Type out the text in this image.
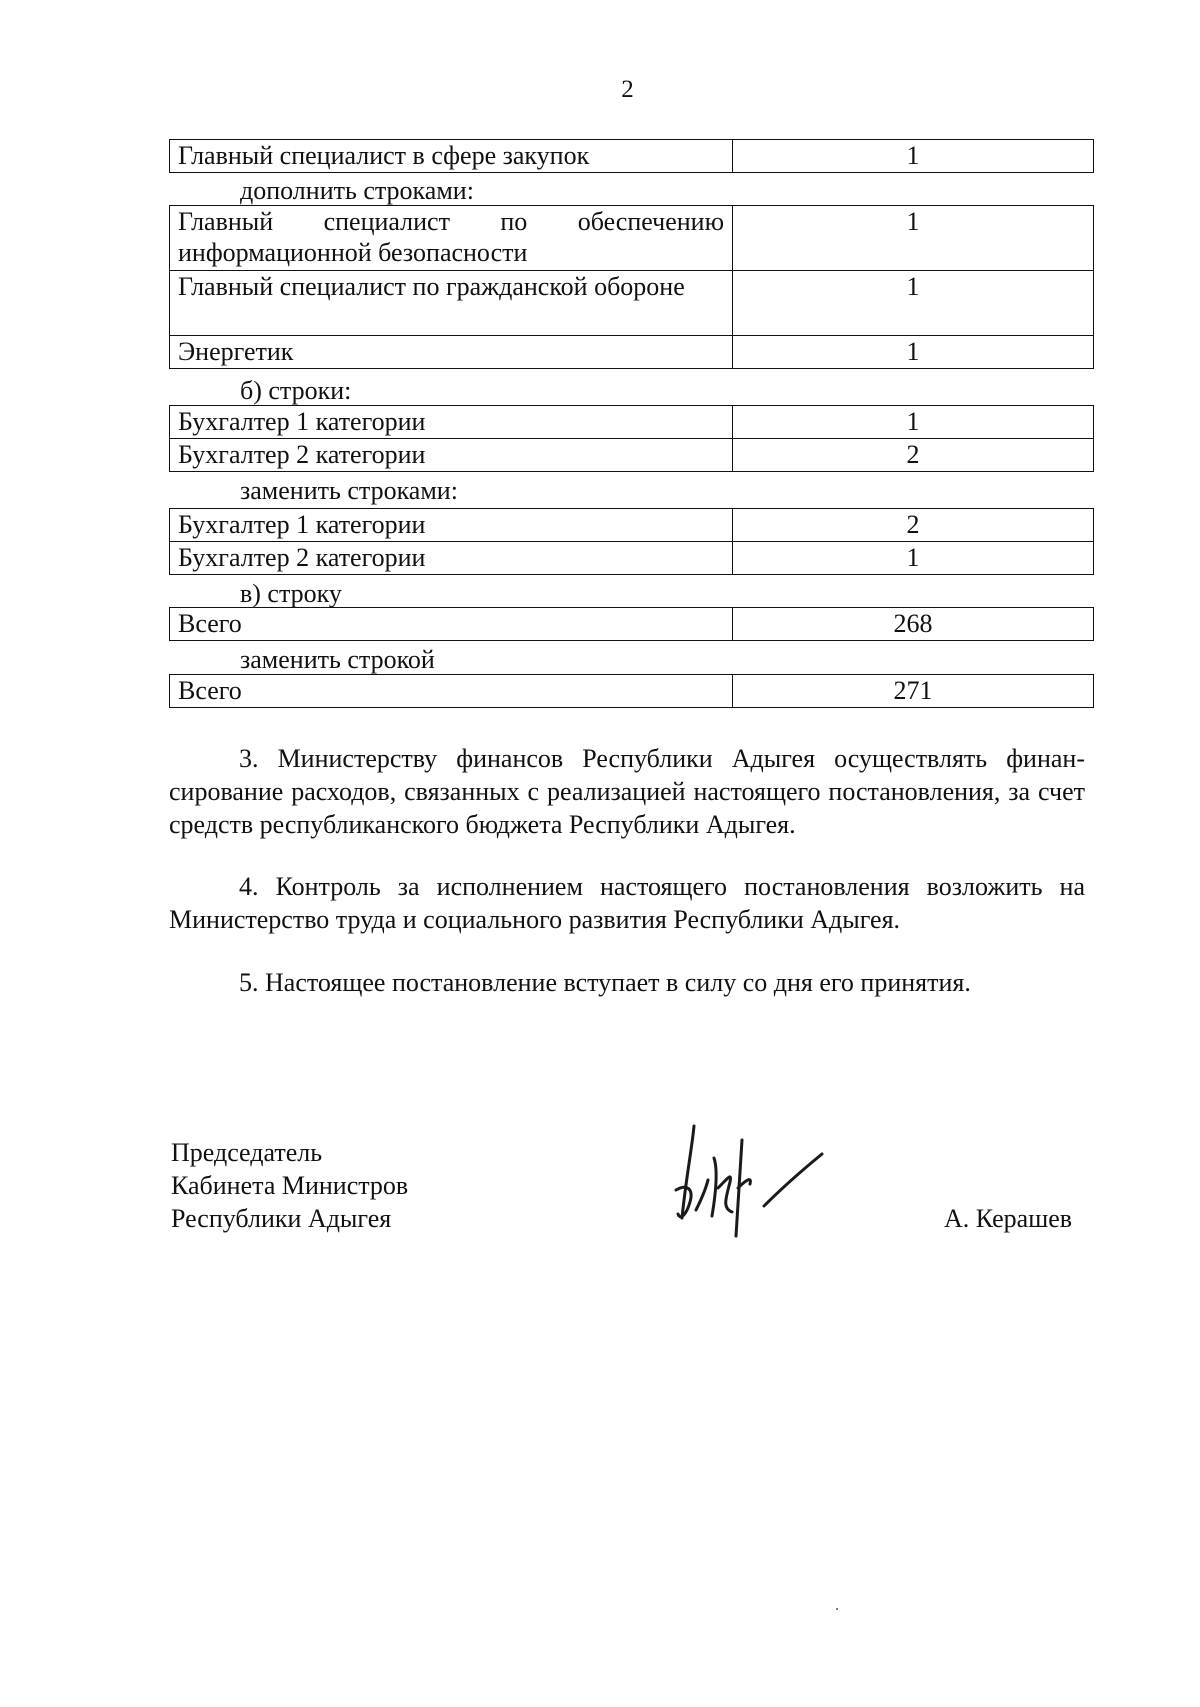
2
Главный специалист в сфере закупок	1
дополнить строками:
Главный специалист по обеспечению информационной безопасности	1
Главный специалист по гражданской обороне	1
Энергетик	1
б) строки:
Бухгалтер 1 категории	1
Бухгалтер 2 категории	2
заменить строками:
Бухгалтер 1 категории	2
Бухгалтер 2 категории	1
в) строку
Всего	268
заменить строкой
Всего	271
3. Министерству финансов Республики Адыгея осуществлять финан-сирование расходов, связанных с реализацией настоящего постановления, за счет средств республиканского бюджета Республики Адыгея.
4. Контроль за исполнением настоящего постановления возложить на Министерство труда и социального развития Республики Адыгея.
5. Настоящее постановление вступает в силу со дня его принятия.
Председатель
Кабинета Министров
Республики Адыгея	А. Керашев
